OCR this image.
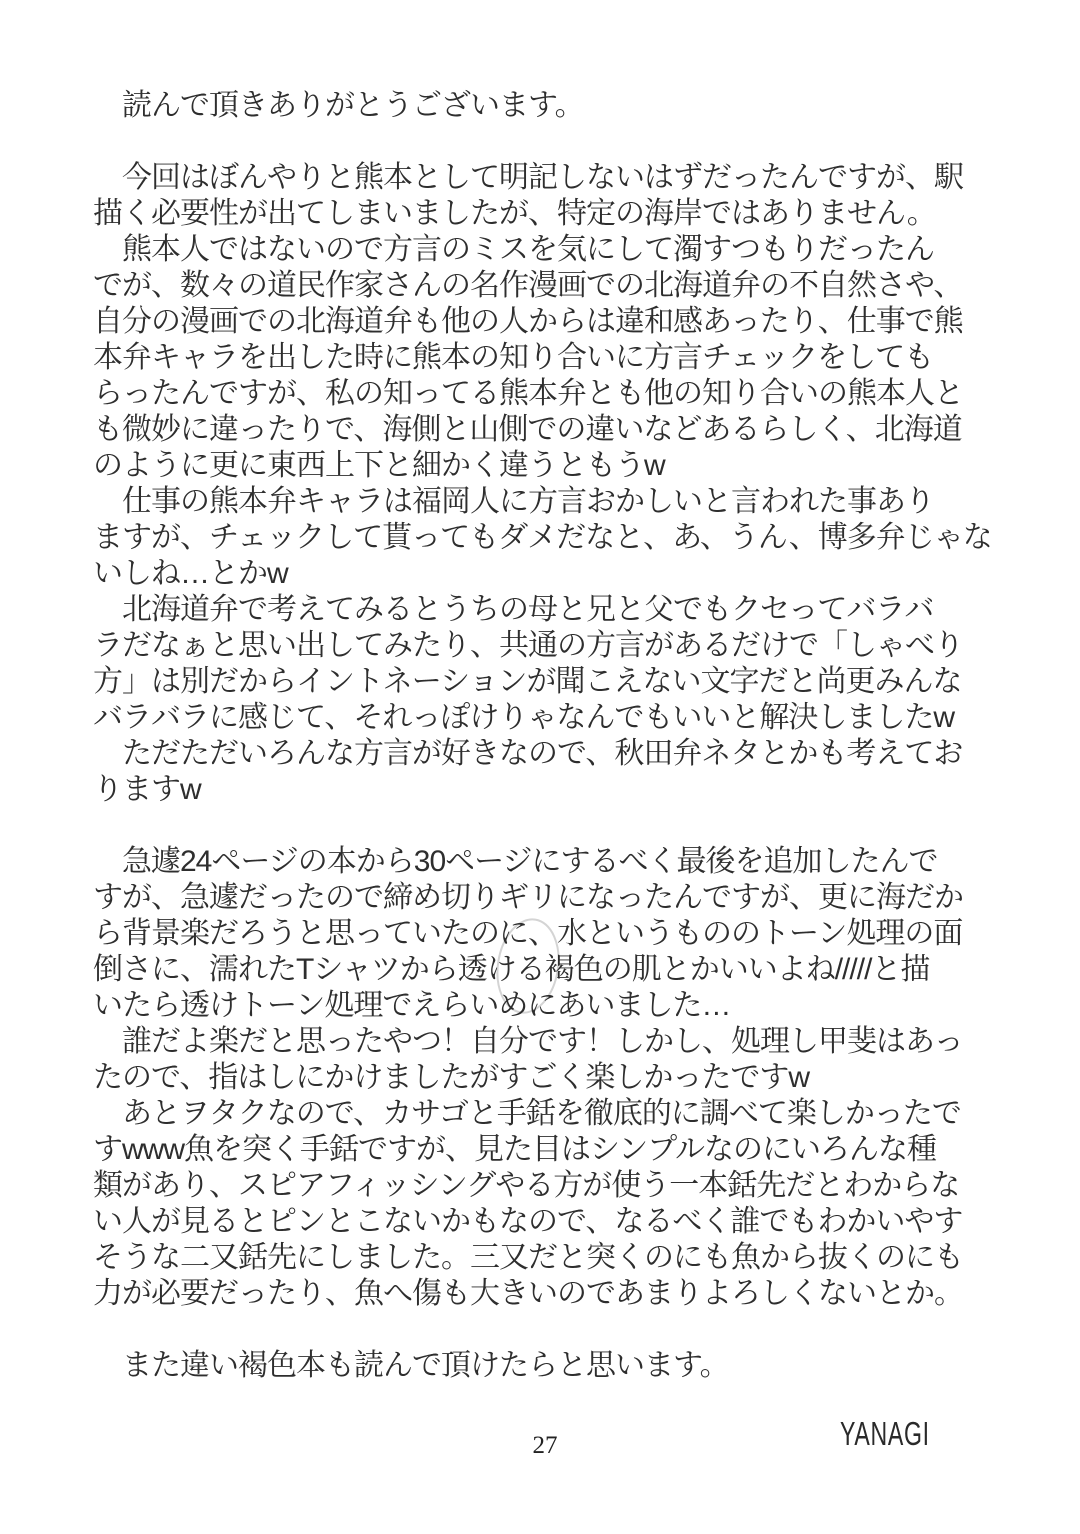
　読んで頂きありがとうございます。

　今回はぼんやりと熊本として明記しないはずだったんですが、駅
描く必要性が出てしまいましたが、特定の海岸ではありません。
　熊本人ではないので方言のミスを気にして濁すつもりだったん
でが、数々の道民作家さんの名作漫画での北海道弁の不自然さや、
自分の漫画での北海道弁も他の人からは違和感あったり、仕事で熊
本弁キャラを出した時に熊本の知り合いに方言チェックをしても
らったんですが、私の知ってる熊本弁とも他の知り合いの熊本人と
も微妙に違ったりで、海側と山側での違いなどあるらしく、北海道
のように更に東西上下と細かく違うともうw
　仕事の熊本弁キャラは福岡人に方言おかしいと言われた事あり
ますが、チェックして貰ってもダメだなと、あ、うん、博多弁じゃな
いしね…とかw
　北海道弁で考えてみるとうちの母と兄と父でもクセってバラバ
ラだなぁと思い出してみたり、共通の方言があるだけで「しゃべり
方」は別だからイントネーションが聞こえない文字だと尚更みんな
バラバラに感じて、それっぽけりゃなんでもいいと解決しましたw
　ただただいろんな方言が好きなので、秋田弁ネタとかも考えてお
りますw

　急遽24ページの本から30ページにするべく最後を追加したんで
すが、急遽だったので締め切りギリになったんですが、更に海だか
ら背景楽だろうと思っていたのに、水というもののトーン処理の面
倒さに、濡れたTシャツから透ける褐色の肌とかいいよね/////と描
いたら透けトーン処理でえらいめにあいました…
　誰だよ楽だと思ったやつ！自分です！しかし、処理し甲斐はあっ
たので、指はしにかけましたがすごく楽しかったですw
　あとヲタクなので、カサゴと手銛を徹底的に調べて楽しかったで
すwww魚を突く手銛ですが、見た目はシンプルなのにいろんな種
類があり、スピアフィッシングやる方が使う一本銛先だとわからな
い人が見るとピンとこないかもなので、なるべく誰でもわかいやす
そうな二又銛先にしました。三又だと突くのにも魚から抜くのにも
力が必要だったり、魚へ傷も大きいのであまりよろしくないとか。

　また違い褐色本も読んで頂けたらと思います。
27	YANAGI
